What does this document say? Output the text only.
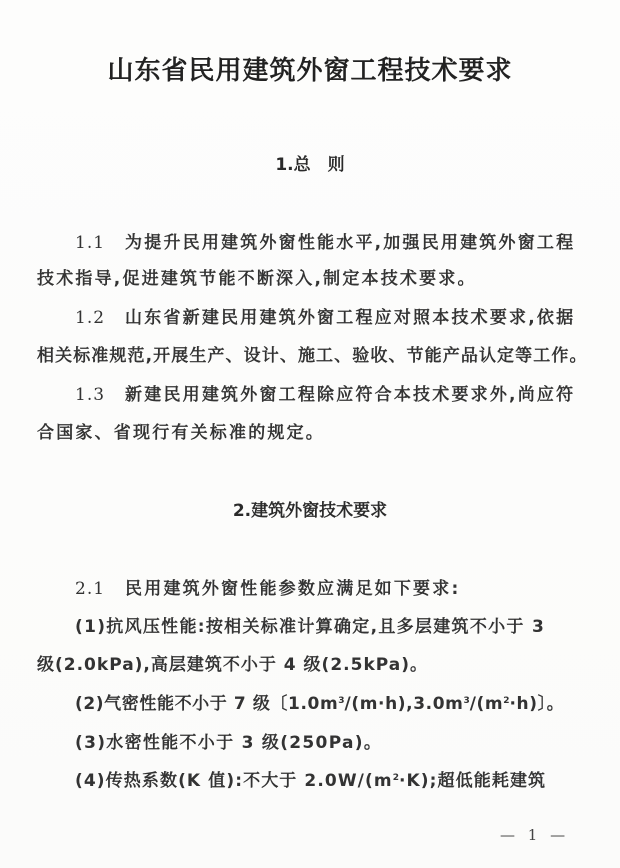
山东省民用建筑外窗工程技术要求
1.总　则
1.1 为提升民用建筑外窗性能水平,加强民用建筑外窗工程
技术指导,促进建筑节能不断深入,制定本技术要求。
1.2 山东省新建民用建筑外窗工程应对照本技术要求,依据
相关标准规范,开展生产、设计、施工、验收、节能产品认定等工作。
1.3 新建民用建筑外窗工程除应符合本技术要求外,尚应符
合国家、省现行有关标准的规定。
2.建筑外窗技术要求
2.1 民用建筑外窗性能参数应满足如下要求:
(1)抗风压性能:按相关标准计算确定,且多层建筑不小于 3
级(2.0kPa),高层建筑不小于 4 级(2.5kPa)。
(2)气密性能不小于 7 级〔$1.0m^3/(m\cdot h),3.0m^3/(m^2\cdot h)$〕。
(3)水密性能不小于 3 级(250Pa)。
(4)传热系数(K 值):不大于 $2.0W/(m^2\cdot K)$;超低能耗建筑
— 1 —
